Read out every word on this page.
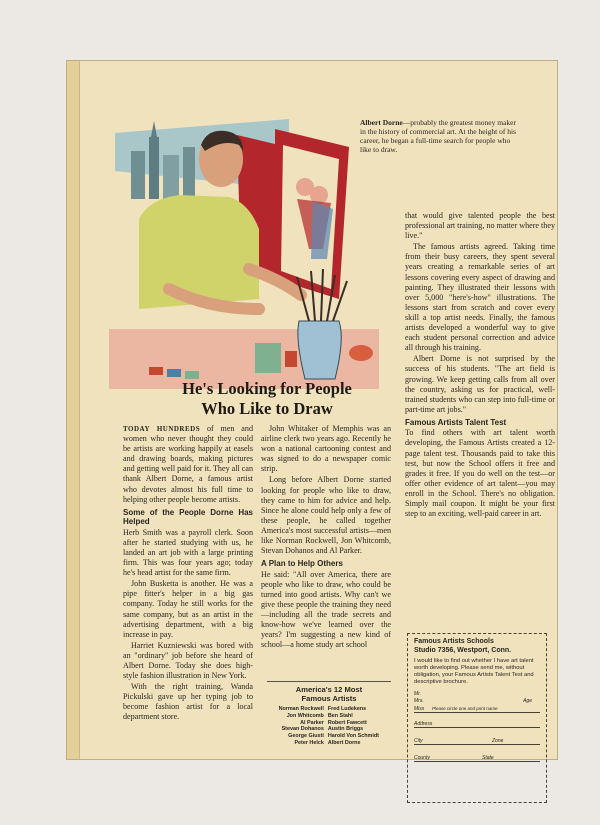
Albert Dorne—probably the greatest money maker in the history of commercial art. At the height of his career, he began a full-time search for people who like to draw.
He's Looking for People
Who Like to Draw

TODAY HUNDREDS of men and women who never thought they could be artists are working happily at easels and drawing boards, making pictures and getting well paid for it. They all can thank Albert Dorne, a famous artist who devotes almost his full time to helping other people become artists.

Some of the People Dorne Has Helped

Herb Smith was a payroll clerk. Soon after he started studying with us, he landed an art job with a large printing firm. This was four years ago; today he's head artist for the same firm.

John Busketta is another. He was a pipe fitter's helper in a big gas company. Today he still works for the same company, but as an artist in the advertising department, with a big increase in pay.

Harriet Kuzniewski was bored with an "ordinary" job before she heard of Albert Dorne. Today she does high-style fashion illustration in New York.

With the right training, Wanda Pickulski gave up her typing job to become fashion artist for a local department store.

John Whitaker of Memphis was an airline clerk two years ago. Recently he won a national cartooning contest and was signed to do a newspaper comic strip.

Long before Albert Dorne started looking for people who like to draw, they came to him for advice and help. Since he alone could help only a few of these people, he called together America's most successful artists—men like Norman Rockwell, Jon Whitcomb, Stevan Dohanos and Al Parker.

A Plan to Help Others

He said: "All over America, there are people who like to draw, who could be turned into good artists. Why can't we give these people the training they need—including all the trade secrets and know-how we've learned over the years? I'm suggesting a new kind of school—a home study art school

that would give talented people the best professional art training, no matter where they live."

The famous artists agreed. Taking time from their busy careers, they spent several years creating a remarkable series of art lessons covering every aspect of drawing and painting. They illustrated their lessons with over 5,000 "here's-how" illustrations. The lessons start from scratch and cover every skill a top artist needs. Finally, the famous artists developed a wonderful way to give each student personal correction and advice all through his training.

Albert Dorne is not surprised by the success of his students. "The art field is growing. We keep getting calls from all over the country, asking us for practical, well-trained students who can step into full-time or part-time art jobs."

Famous Artists Talent Test

To find others with art talent worth developing, the Famous Artists created a 12-page talent test. Thousands paid to take this test, but now the School offers it free and grades it free. If you do well on the test—or offer other evidence of art talent—you may enroll in the School. There's no obligation. Simply mail coupon. It might be your first step to an exciting, well-paid career in art.

America's 12 Most
Famous Artists
Norman Rockwell	Fred Ludekens
Jon Whitcomb	Ben Stahl
Al Parker	Robert Fawcett
Stevan Dohanos	Austin Briggs
George Giusti	Harold Von Schmidt
Peter Helck	Albert Dorne
Famous Artists Schools
Studio 7356, Westport, Conn.
I would like to find out whether I have art talent worth developing. Please send me, without obligation, your Famous Artists Talent Test and descriptive brochure.
Mr.
Mrs.	Age
Miss Please circle one and print name
Address
City	Zone
County	State
